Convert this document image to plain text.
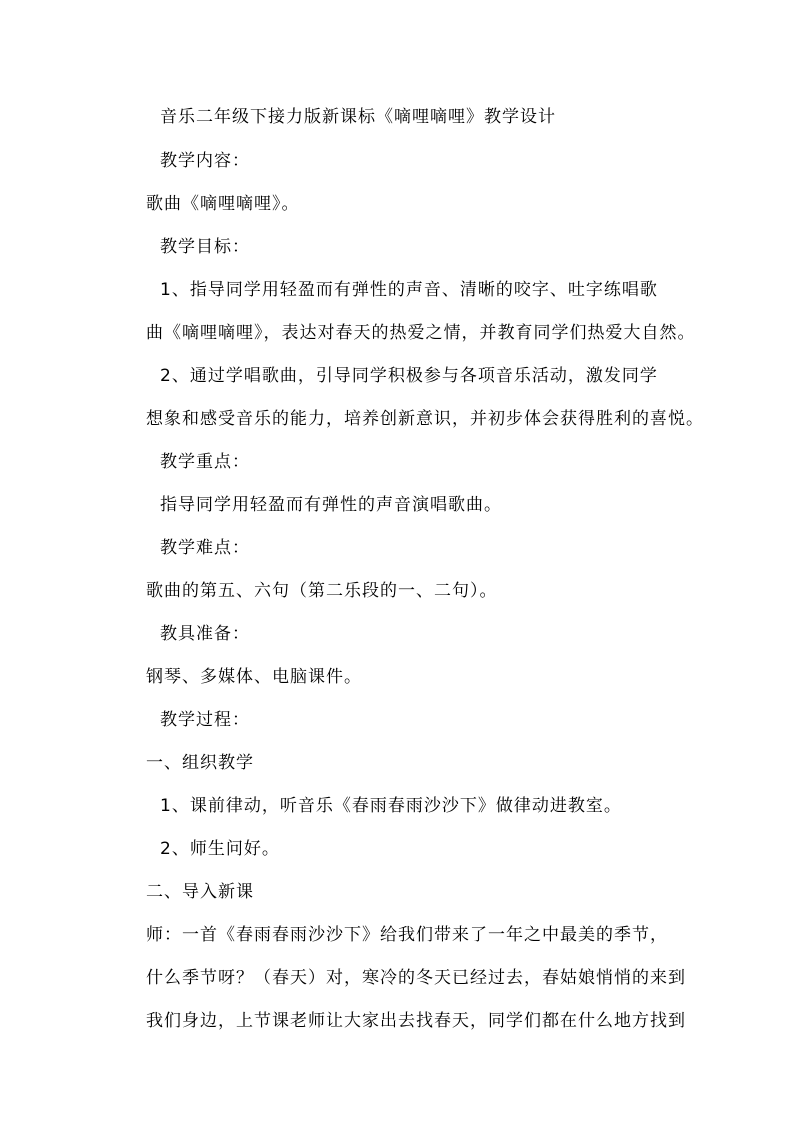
音乐二年级下接力版新课标《嘀哩嘀哩》教学设计
教学内容：
歌曲《嘀哩嘀哩》。
教学目标：
1、指导同学用轻盈而有弹性的声音、清晰的咬字、吐字练唱歌
曲《嘀哩嘀哩》，表达对春天的热爱之情，并教育同学们热爱大自然。
2、通过学唱歌曲，引导同学积极参与各项音乐活动，激发同学
想象和感受音乐的能力，培养创新意识，并初步体会获得胜利的喜悦。
教学重点：
指导同学用轻盈而有弹性的声音演唱歌曲。
教学难点：
歌曲的第五、六句（第二乐段的一、二句）。
教具准备：
钢琴、多媒体、电脑课件。
教学过程：
一、组织教学
1、课前律动，听音乐《春雨春雨沙沙下》做律动进教室。
2、师生问好。
二、导入新课
师：一首《春雨春雨沙沙下》给我们带来了一年之中最美的季节，
什么季节呀？（春天）对，寒冷的冬天已经过去，春姑娘悄悄的来到
我们身边，上节课老师让大家出去找春天，同学们都在什么地方找到
